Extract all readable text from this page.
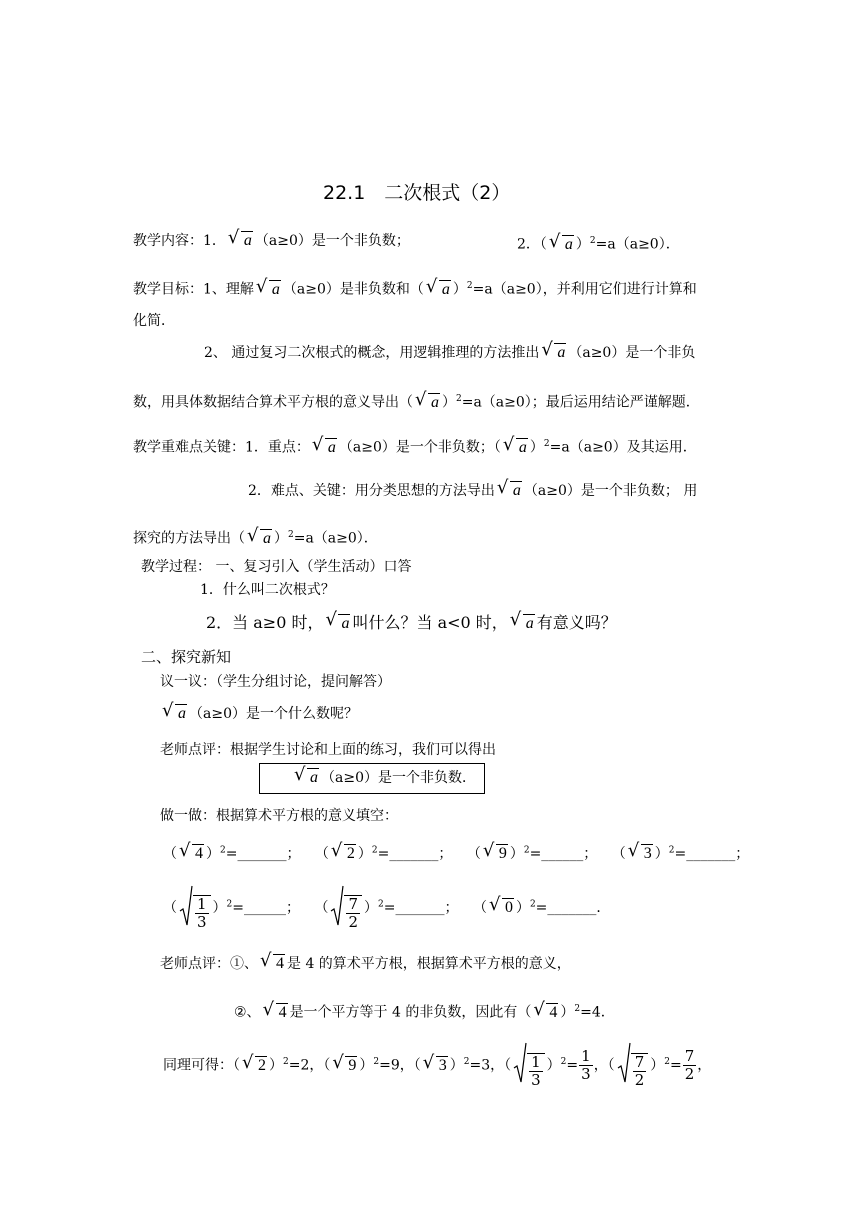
22.1　二次根式（2）
教学内容：1． √ a （a≥0）是一个非负数；	2．（ √ a ）$^2$=a（a≥0）．
教学目标：1、理解 √ a （a≥0）是非负数和（ √ a ）$^2$=a（a≥0），并利用它们进行计算和
化简．
2、 通过复习二次根式的概念，用逻辑推理的方法推出 √ a （a≥0）是一个非负
数，用具体数据结合算术平方根的意义导出（ √ a ）$^2$=a（a≥0）；最后运用结论严谨解题．
教学重难点关键：1．重点： √ a （a≥0）是一个非负数；（ √ a ）$^2$=a（a≥0）及其运用．
2．难点、关键：用分类思想的方法导出 √ a （a≥0）是一个非负数； 用
探究的方法导出（ √ a ）$^2$=a（a≥0）．
教学过程： 一、复习引入（学生活动）口答
1．什么叫二次根式？
2．当 a≥0 时， √ a 叫什么？当 a<0 时， √ a 有意义吗？
二、探究新知
议一议：（学生分组讨论，提问解答）
√ a （a≥0）是一个什么数呢？
老师点评：根据学生讨论和上面的练习，我们可以得出
√ a （a≥0）是一个非负数．
做一做：根据算术平方根的意义填空：
（ √ 4 ）$^2$=_______； （ √ 2 ）$^2$=_______； （ √ 9 ）$^2$=______； （ √ 3 ）$^2$=_______；
（ $\frac{1}{3}$ ）$^2$=______； （ $\frac{7}{2}$ ）$^2$=_______； （ √ 0 ）$^2$=_______．
老师点评：①、 √ 4 是 4 的算术平方根，根据算术平方根的意义，
②、 √ 4 是一个平方等于 4 的非负数，因此有（ √ 4 ）$^2$=4．
同理可得：（ √ 2 ）$^2$=2，（ √ 9 ）$^2$=9，（ √ 3 ）$^2$=3，（ $\frac{1}{3} )^2= \frac{1}{3}$ ，（ $\frac{7}{2} )^2= \frac{7}{2}$ ，
